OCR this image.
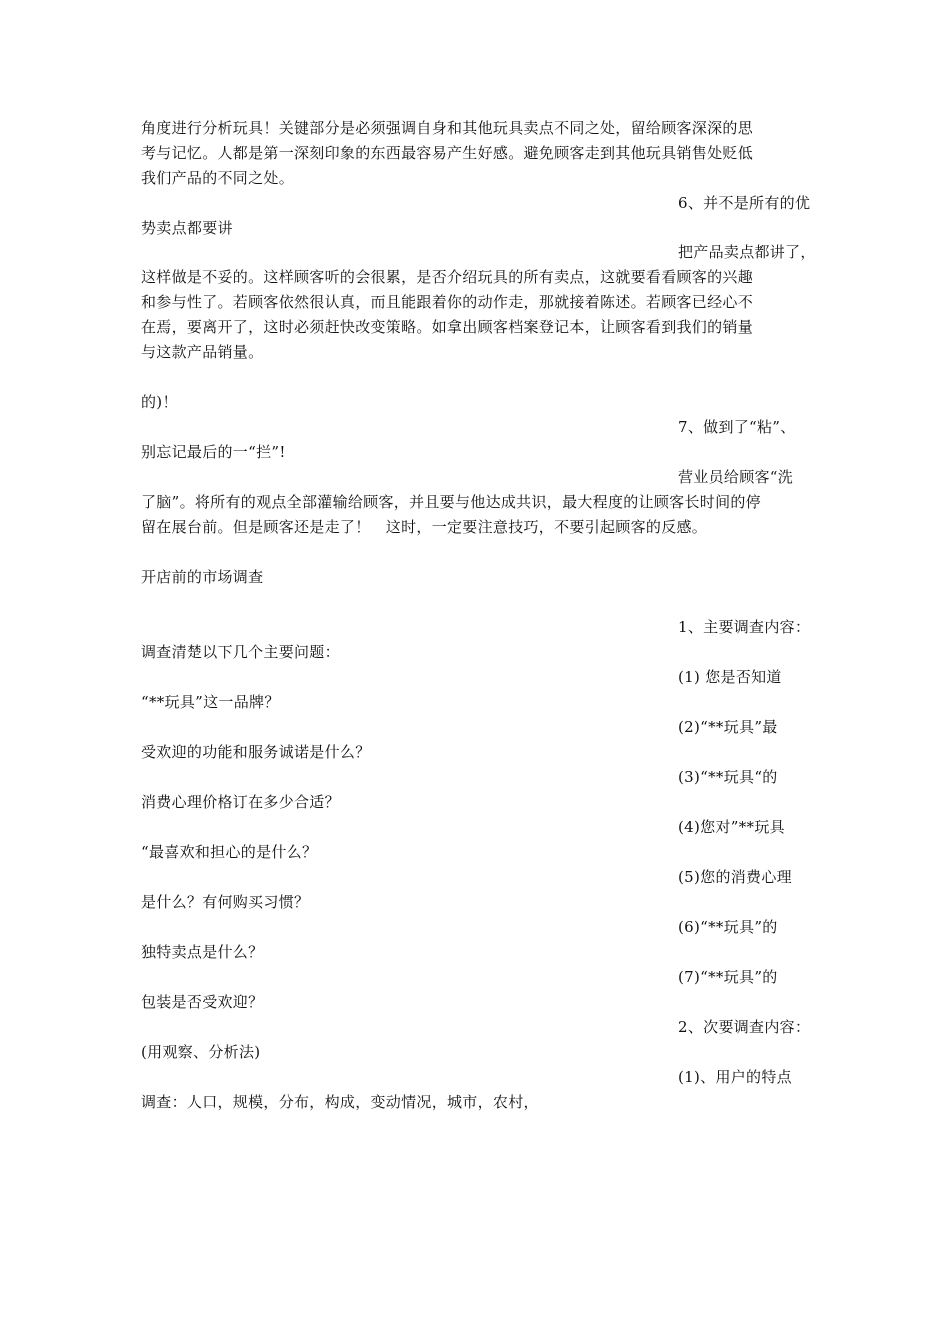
角度进行分析玩具！关键部分是必须强调自身和其他玩具卖点不同之处，留给顾客深深的思
考与记忆。人都是第一深刻印象的东西最容易产生好感。避免顾客走到其他玩具销售处贬低
我们产品的不同之处。
6、并不是所有的优
势卖点都要讲
把产品卖点都讲了，
这样做是不妥的。这样顾客听的会很累，是否介绍玩具的所有卖点，这就要看看顾客的兴趣
和参与性了。若顾客依然很认真，而且能跟着你的动作走，那就接着陈述。若顾客已经心不
在焉，要离开了，这时必须赶快改变策略。如拿出顾客档案登记本，让顾客看到我们的销量
与这款产品销量。
的)！
7、做到了“粘”、
别忘记最后的一“拦”!
营业员给顾客“洗
了脑”。将所有的观点全部灌输给顾客，并且要与他达成共识，最大程度的让顾客长时间的停
留在展台前。但是顾客还是走了！　这时，一定要注意技巧，不要引起顾客的反感。
开店前的市场调查
1、主要调查内容：
调查清楚以下几个主要问题：
(1) 您是否知道
“**玩具”这一品牌？
(2)“**玩具”最
受欢迎的功能和服务诚诺是什么？
(3)“**玩具“的
消费心理价格订在多少合适？
(4)您对”**玩具
“最喜欢和担心的是什么？
(5)您的消费心理
是什么？有何购买习惯？
(6)“**玩具”的
独特卖点是什么？
(7)“**玩具”的
包装是否受欢迎？
2、次要调查内容：
(用观察、分析法)
(1)、用户的特点
调查：人口，规模，分布，构成，变动情况，城市，农村，
